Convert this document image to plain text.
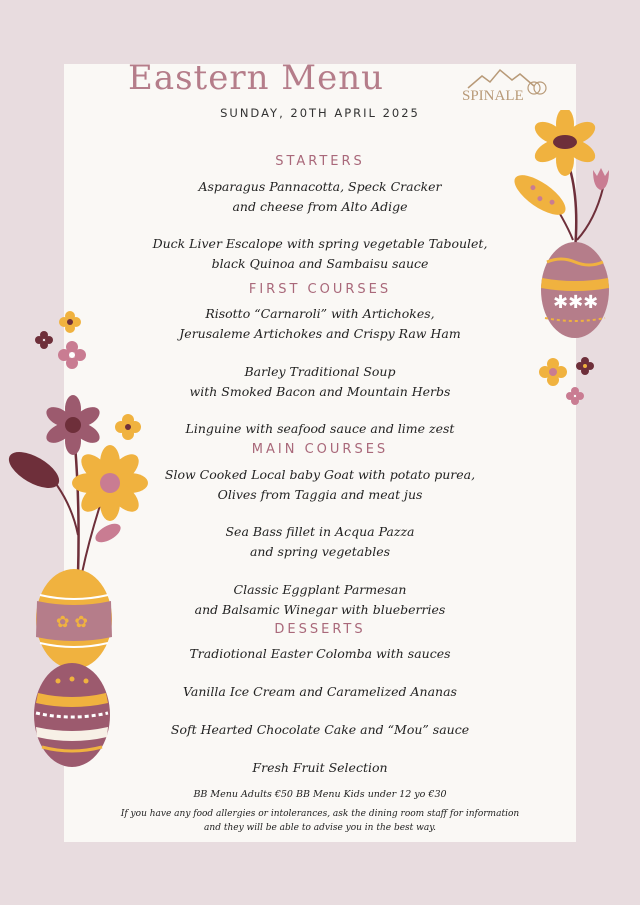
Eastern Menu	SPINALE
SUNDAY, 20TH APRIL 2025
STARTERS
Asparagus Pannacotta, Speck Cracker
and cheese from Alto Adige
Duck Liver Escalope with spring vegetable Taboulet,
black Quinoa and Sambaisu sauce
FIRST COURSES
Risotto “Carnaroli” with Artichokes,
Jerusaleme Artichokes and Crispy Raw Ham
Barley Traditional Soup
with Smoked Bacon and Mountain Herbs
Linguine with seafood sauce and lime zest
MAIN COURSES
Slow Cooked Local baby Goat with potato purea,
Olives from Taggia and meat jus
Sea Bass fillet in Acqua Pazza
and spring vegetables
Classic Eggplant Parmesan
and Balsamic Winegar with blueberries
DESSERTS
Tradiotional Easter Colomba with sauces
Vanilla Ice Cream and Caramelized Ananas
Soft Hearted Chocolate Cake and “Mou” sauce
Fresh Fruit Selection
BB Menu Adults €50 BB Menu Kids under 12 yo €30
If you have any food allergies or intolerances, ask the dining room staff for information
and they will be able to advise you in the best way.
✱✱✱
✿ ✿
